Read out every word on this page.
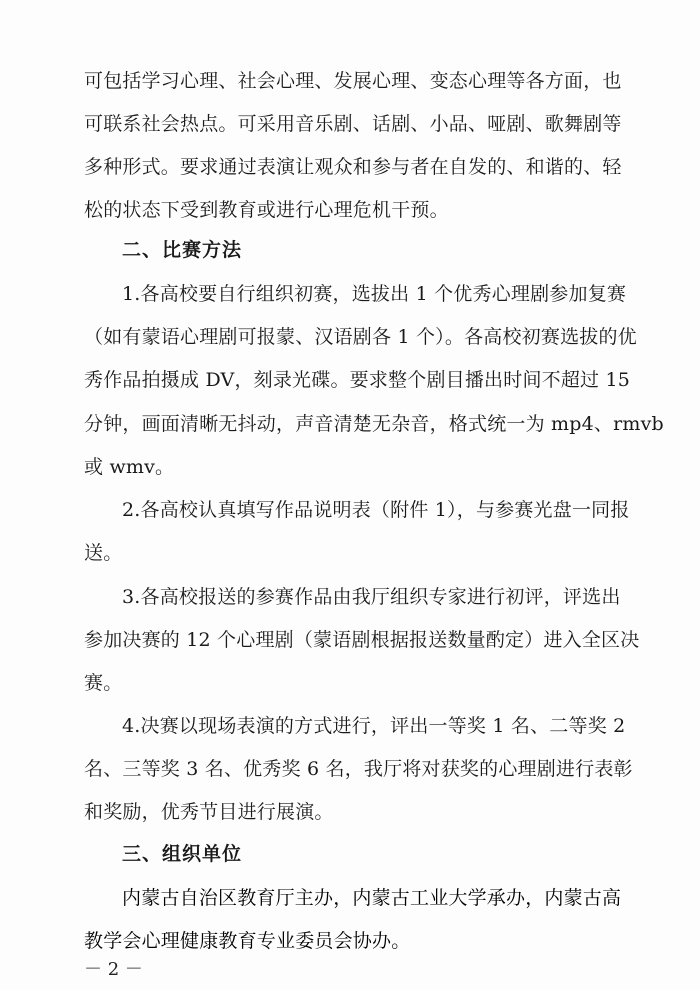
可包括学习心理、社会心理、发展心理、变态心理等各方面，也
可联系社会热点。可采用音乐剧、话剧、小品、哑剧、歌舞剧等
多种形式。要求通过表演让观众和参与者在自发的、和谐的、轻
松的状态下受到教育或进行心理危机干预。
二、比赛方法
1.各高校要自行组织初赛，选拔出 1 个优秀心理剧参加复赛
（如有蒙语心理剧可报蒙、汉语剧各 1 个）。各高校初赛选拔的优
秀作品拍摄成 DV，刻录光碟。要求整个剧目播出时间不超过 15
分钟，画面清晰无抖动，声音清楚无杂音，格式统一为 mp4、rmvb
或 wmv。
2.各高校认真填写作品说明表（附件 1），与参赛光盘一同报
送。
3.各高校报送的参赛作品由我厅组织专家进行初评，评选出
参加决赛的 12 个心理剧（蒙语剧根据报送数量酌定）进入全区决
赛。
4.决赛以现场表演的方式进行，评出一等奖 1 名、二等奖 2
名、三等奖 3 名、优秀奖 6 名，我厅将对获奖的心理剧进行表彰
和奖励，优秀节目进行展演。
三、组织单位
内蒙古自治区教育厅主办，内蒙古工业大学承办，内蒙古高
－ 2 －
教学会心理健康教育专业委员会协办。
